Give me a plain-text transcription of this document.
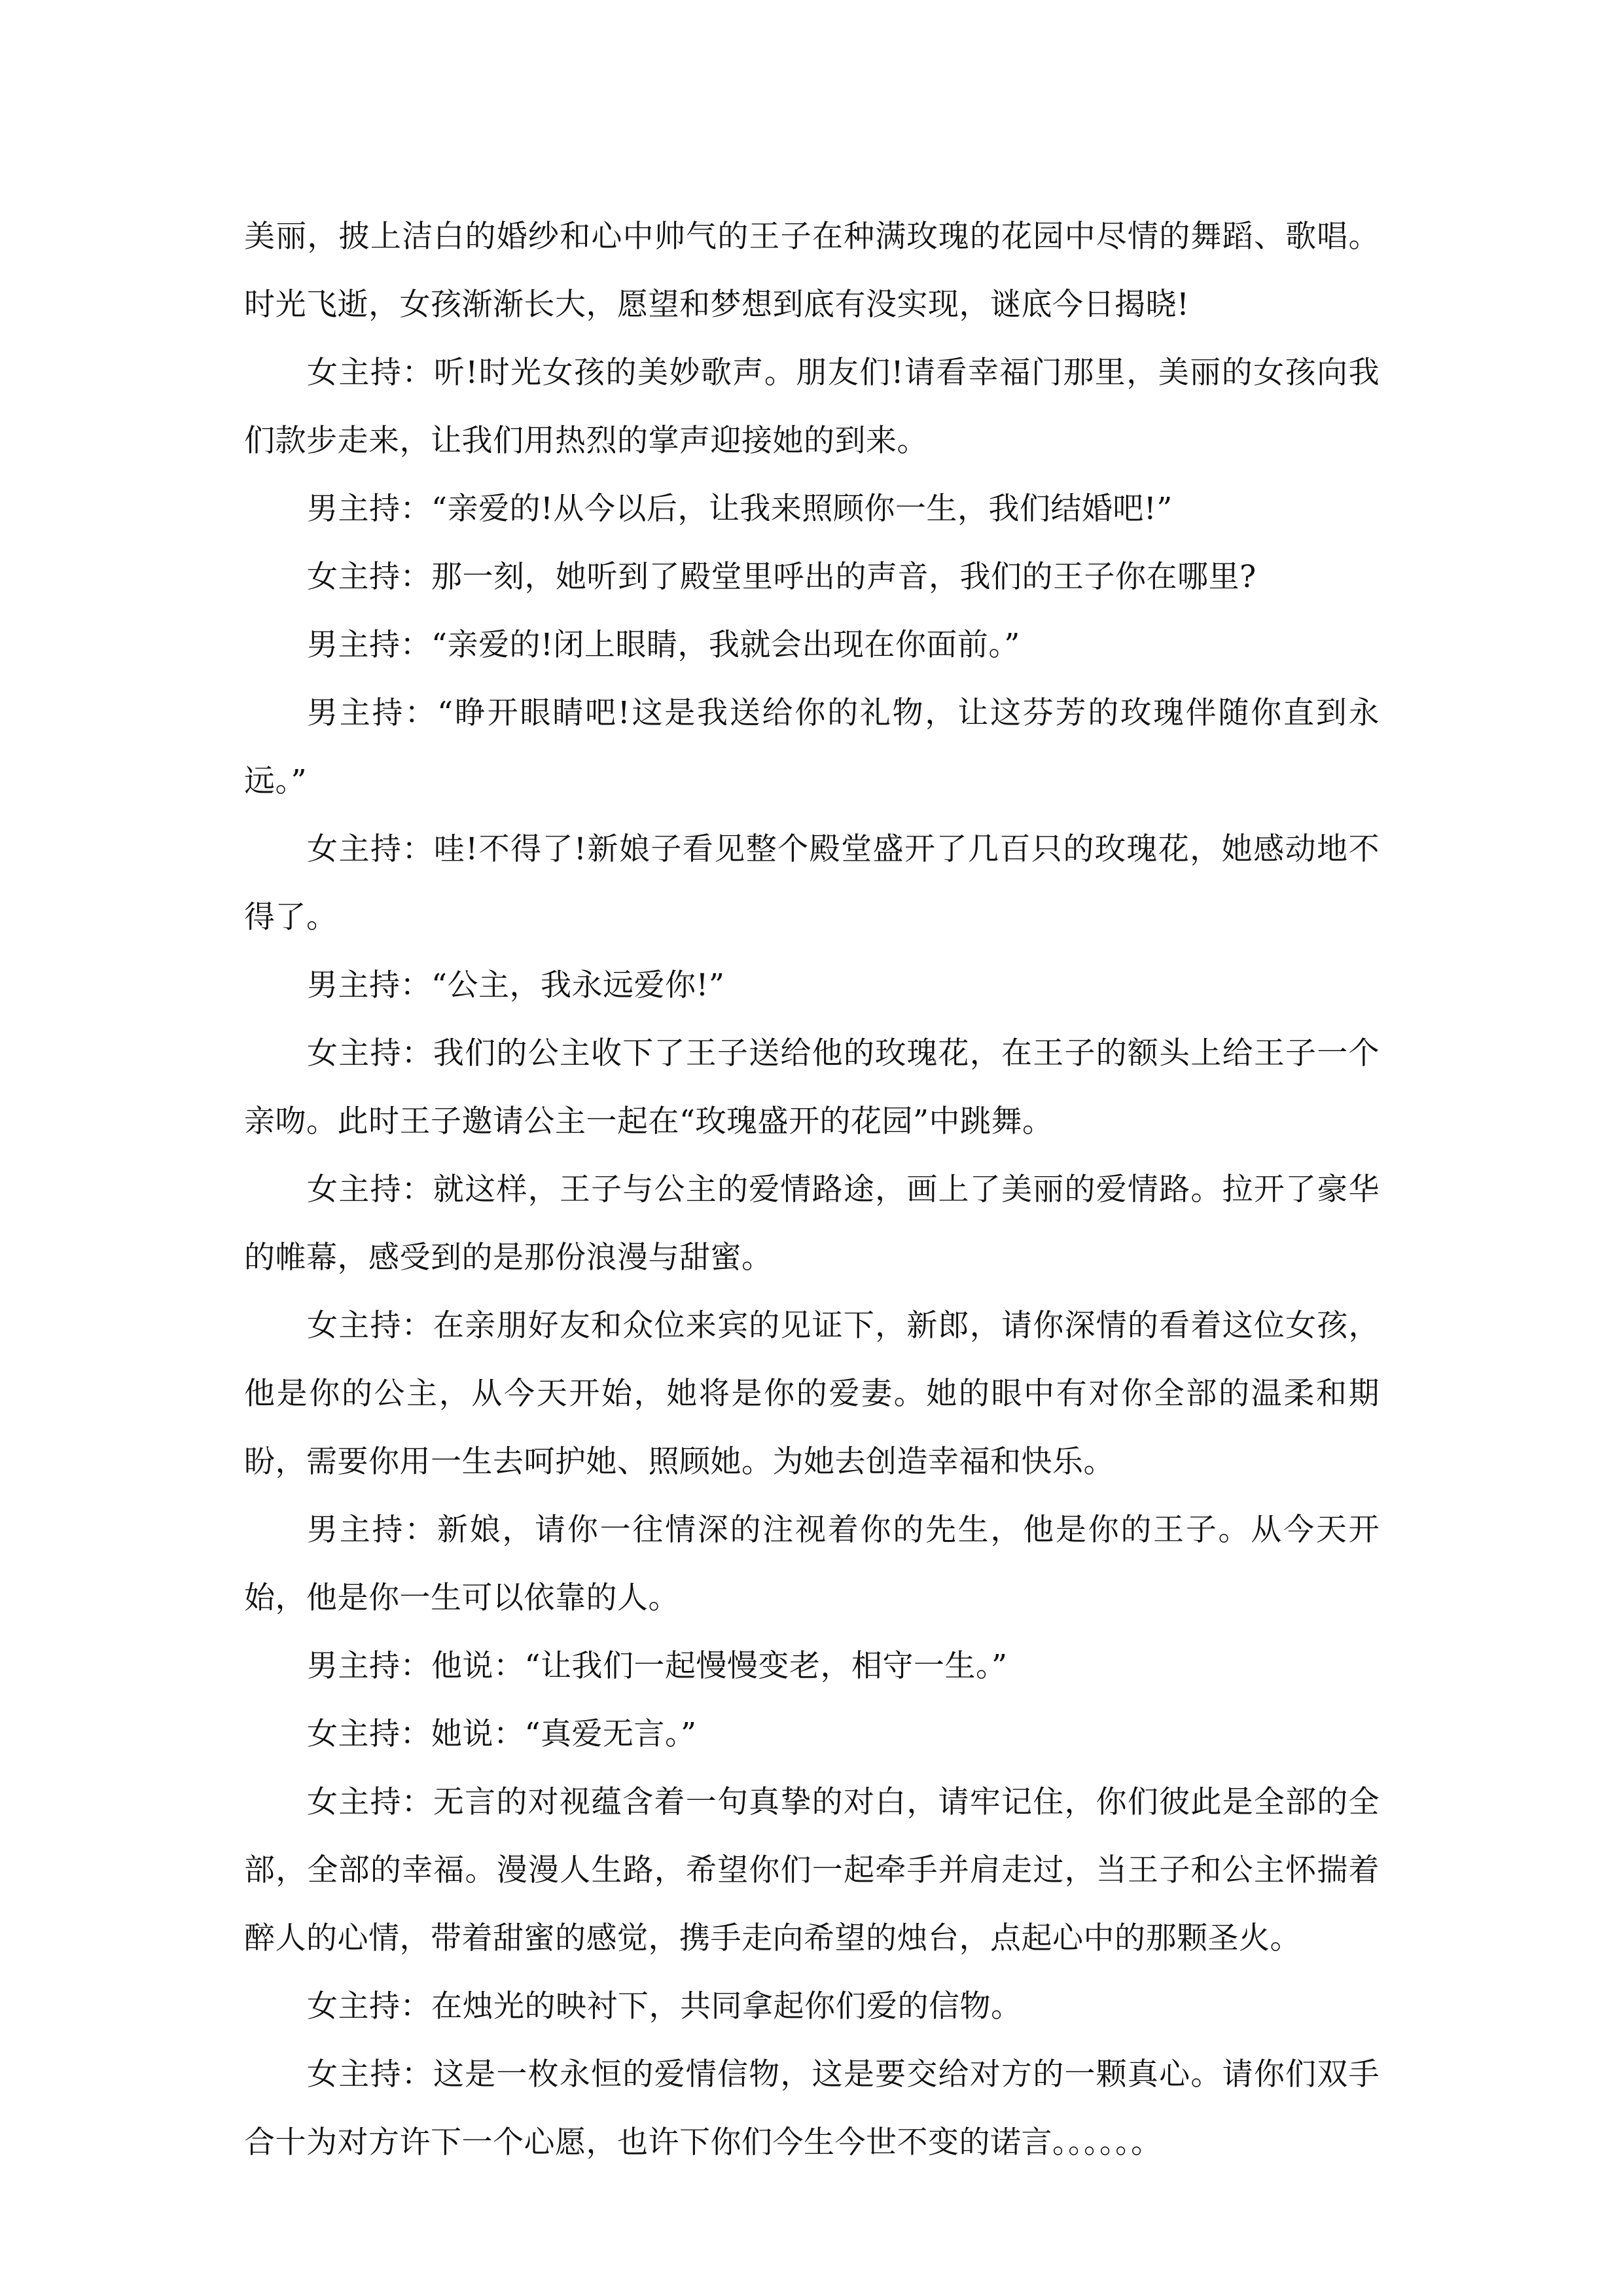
美丽，披上洁白的婚纱和心中帅气的王子在种满玫瑰的花园中尽情的舞蹈、歌唱。时光飞逝，女孩渐渐长大，愿望和梦想到底有没实现，谜底今日揭晓!

女主持：听!时光女孩的美妙歌声。朋友们!请看幸福门那里，美丽的女孩向我们款步走来，让我们用热烈的掌声迎接她的到来。

男主持：“亲爱的!从今以后，让我来照顾你一生，我们结婚吧!”

女主持：那一刻，她听到了殿堂里呼出的声音，我们的王子你在哪里?

男主持：“亲爱的!闭上眼睛，我就会出现在你面前。”

男主持：“睁开眼睛吧!这是我送给你的礼物，让这芬芳的玫瑰伴随你直到永远。”

女主持：哇!不得了!新娘子看见整个殿堂盛开了几百只的玫瑰花，她感动地不得了。

男主持：“公主，我永远爱你!”

女主持：我们的公主收下了王子送给他的玫瑰花，在王子的额头上给王子一个亲吻。此时王子邀请公主一起在“玫瑰盛开的花园”中跳舞。

女主持：就这样，王子与公主的爱情路途，画上了美丽的爱情路。拉开了豪华的帷幕，感受到的是那份浪漫与甜蜜。

女主持：在亲朋好友和众位来宾的见证下，新郎，请你深情的看着这位女孩，他是你的公主，从今天开始，她将是你的爱妻。她的眼中有对你全部的温柔和期盼，需要你用一生去呵护她、照顾她。为她去创造幸福和快乐。

男主持：新娘，请你一往情深的注视着你的先生，他是你的王子。从今天开始，他是你一生可以依靠的人。

男主持：他说：“让我们一起慢慢变老，相守一生。”

女主持：她说：“真爱无言。”

女主持：无言的对视蕴含着一句真挚的对白，请牢记住，你们彼此是全部的全部，全部的幸福。漫漫人生路，希望你们一起牵手并肩走过，当王子和公主怀揣着醉人的心情，带着甜蜜的感觉，携手走向希望的烛台，点起心中的那颗圣火。

女主持：在烛光的映衬下，共同拿起你们爱的信物。

女主持：这是一枚永恒的爱情信物，这是要交给对方的一颗真心。请你们双手合十为对方许下一个心愿，也许下你们今生今世不变的诺言。。。。。。
